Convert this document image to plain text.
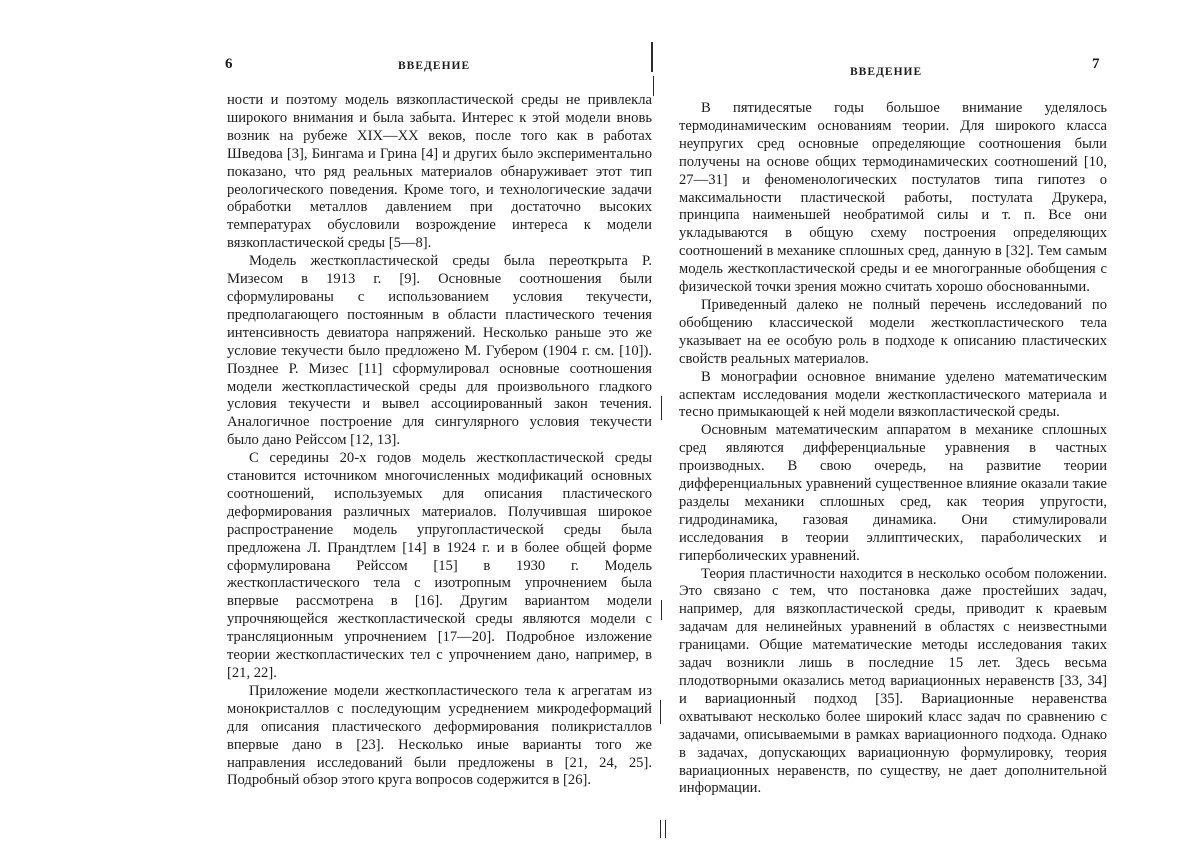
6	ВВЕДЕНИЕ

ности и поэтому модель вязкопластической среды не привлекла широкого внимания и была забыта. Интерес к этой модели вновь возник на рубеже XIX—XX веков, после того как в работах Шведова [3], Бингама и Грина [4] и других было экспериментально показано, что ряд реальных материалов обнаруживает этот тип реологического поведения. Кроме того, и технологические задачи обработки металлов давлением при достаточно высоких температурах обусловили возрождение интереса к модели вязкопластической среды [5—8].

Модель жесткопластической среды была переоткрыта Р. Мизесом в 1913 г. [9]. Основные соотношения были сформулированы с использованием условия текучести, предполагающего постоянным в области пластического течения интенсивность девиатора напряжений. Несколько раньше это же условие текучести было предложено М. Губером (1904 г. см. [10]). Позднее Р. Мизес [11] сформулировал основные соотношения модели жесткопластической среды для произвольного гладкого условия текучести и вывел ассоциированный закон течения. Аналогичное построение для сингулярного условия текучести было дано Рейссом [12, 13].

С середины 20-х годов модель жесткопластической среды становится источником многочисленных модификаций основных соотношений, используемых для описания пластического деформирования различных материалов. Получившая широкое распространение модель упругопластической среды была предложена Л. Прандтлем [14] в 1924 г. и в более общей форме сформулирована Рейссом [15] в 1930 г. Модель жесткопластического тела с изотропным упрочнением была впервые рассмотрена в [16]. Другим вариантом модели упрочняющейся жесткопластической среды являются модели с трансляционным упрочнением [17—20]. Подробное изложение теории жесткопластических тел с упрочнением дано, например, в [21, 22].

Приложение модели жесткопластического тела к агрегатам из монокристаллов с последующим усреднением микродеформаций для описания пластического деформирования поликристаллов впервые дано в [23]. Несколько иные варианты того же направления исследований были предложены в [21, 24, 25]. Подробный обзор этого круга вопросов содержится в [26].

ВВЕДЕНИЕ	7

В пятидесятые годы большое внимание уделялось термодинамическим основаниям теории. Для широкого класса неупругих сред основные определяющие соотношения были получены на основе общих термодинамических соотношений [10, 27—31] и феноменологических постулатов типа гипотез о максимальности пластической работы, постулата Друкера, принципа наименьшей необратимой силы и т. п. Все они укладываются в общую схему построения определяющих соотношений в механике сплошных сред, данную в [32]. Тем самым модель жесткопластической среды и ее многогранные обобщения с физической точки зрения можно считать хорошо обоснованными.

Приведенный далеко не полный перечень исследований по обобщению классической модели жесткопластического тела указывает на ее особую роль в подходе к описанию пластических свойств реальных материалов.

В монографии основное внимание уделено математическим аспектам исследования модели жесткопластического материала и тесно примыкающей к ней модели вязкопластической среды.

Основным математическим аппаратом в механике сплошных сред являются дифференциальные уравнения в частных производных. В свою очередь, на развитие теории дифференциальных уравнений существенное влияние оказали такие разделы механики сплошных сред, как теория упругости, гидродинамика, газовая динамика. Они стимулировали исследования в теории эллиптических, параболических и гиперболических уравнений.

Теория пластичности находится в несколько особом положении. Это связано с тем, что постановка даже простейших задач, например, для вязкопластической среды, приводит к краевым задачам для нелинейных уравнений в областях с неизвестными границами. Общие математические методы исследования таких задач возникли лишь в последние 15 лет. Здесь весьма плодотворными оказались метод вариационных неравенств [33, 34] и вариационный подход [35]. Вариационные неравенства охватывают несколько более широкий класс задач по сравнению с задачами, описываемыми в рамках вариационного подхода. Однако в задачах, допускающих вариационную формулировку, теория вариационных неравенств, по существу, не дает дополнительной информации.
